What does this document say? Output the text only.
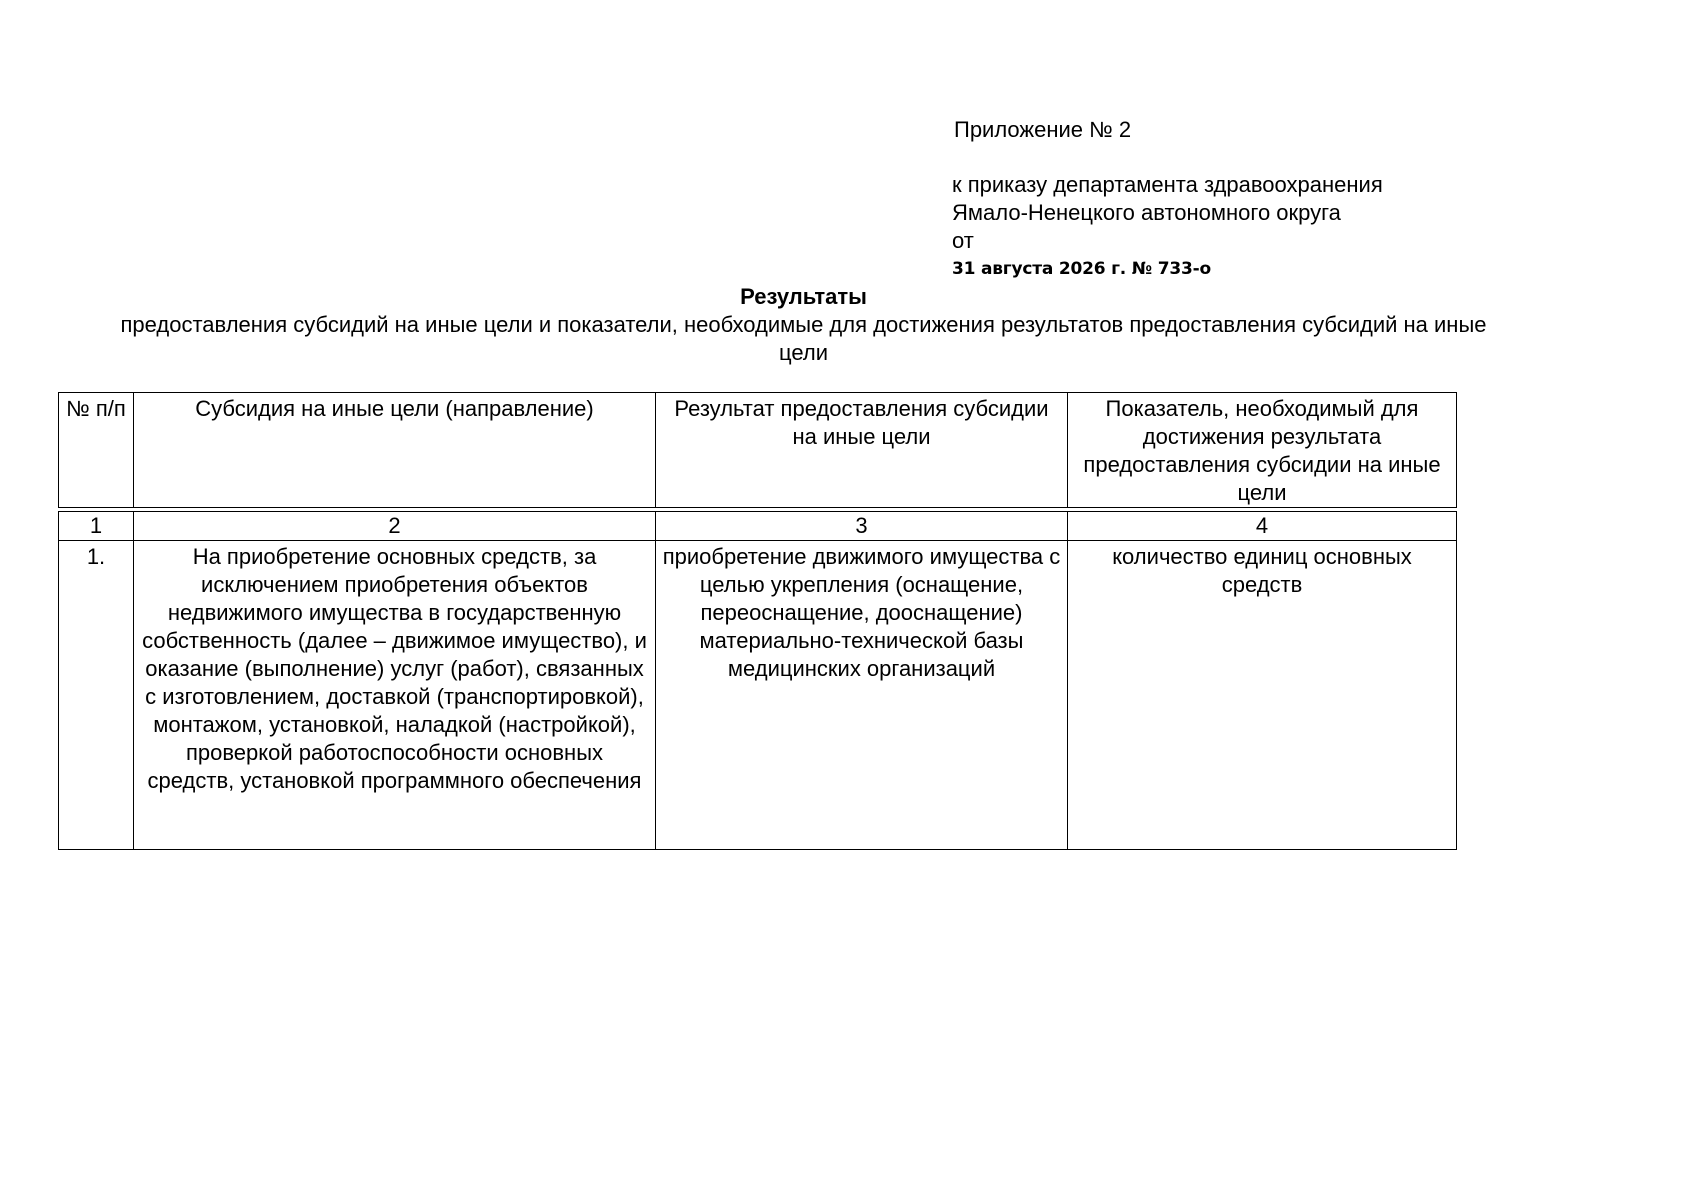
Приложение № 2
к приказу департамента здравоохранения
Ямало-Ненецкого автономного округа
от
31 августа 2026 г. № 733-о
Результаты

предоставления субсидий на иные цели и показатели, необходимые для достижения результатов предоставления субсидий на иные цели

№ п/п	Субсидия на иные цели (направление)	Результат предоставления субсидии на иные цели	Показатель, необходимый для достижения результата предоставления субсидии на иные цели

1	2	3	4
1.	На приобретение основных средств, за исключением приобретения объектов недвижимого имущества в государственную собственность (далее – движимое имущество), и оказание (выполнение) услуг (работ), связанных с изготовлением, доставкой (транспортировкой), монтажом, установкой, наладкой (настройкой), проверкой работоспособности основных средств, установкой программного обеспечения	приобретение движимого имущества с целью укрепления (оснащение, переоснащение, дооснащение) материально-технической базы медицинских организаций	количество единиц основных средств
